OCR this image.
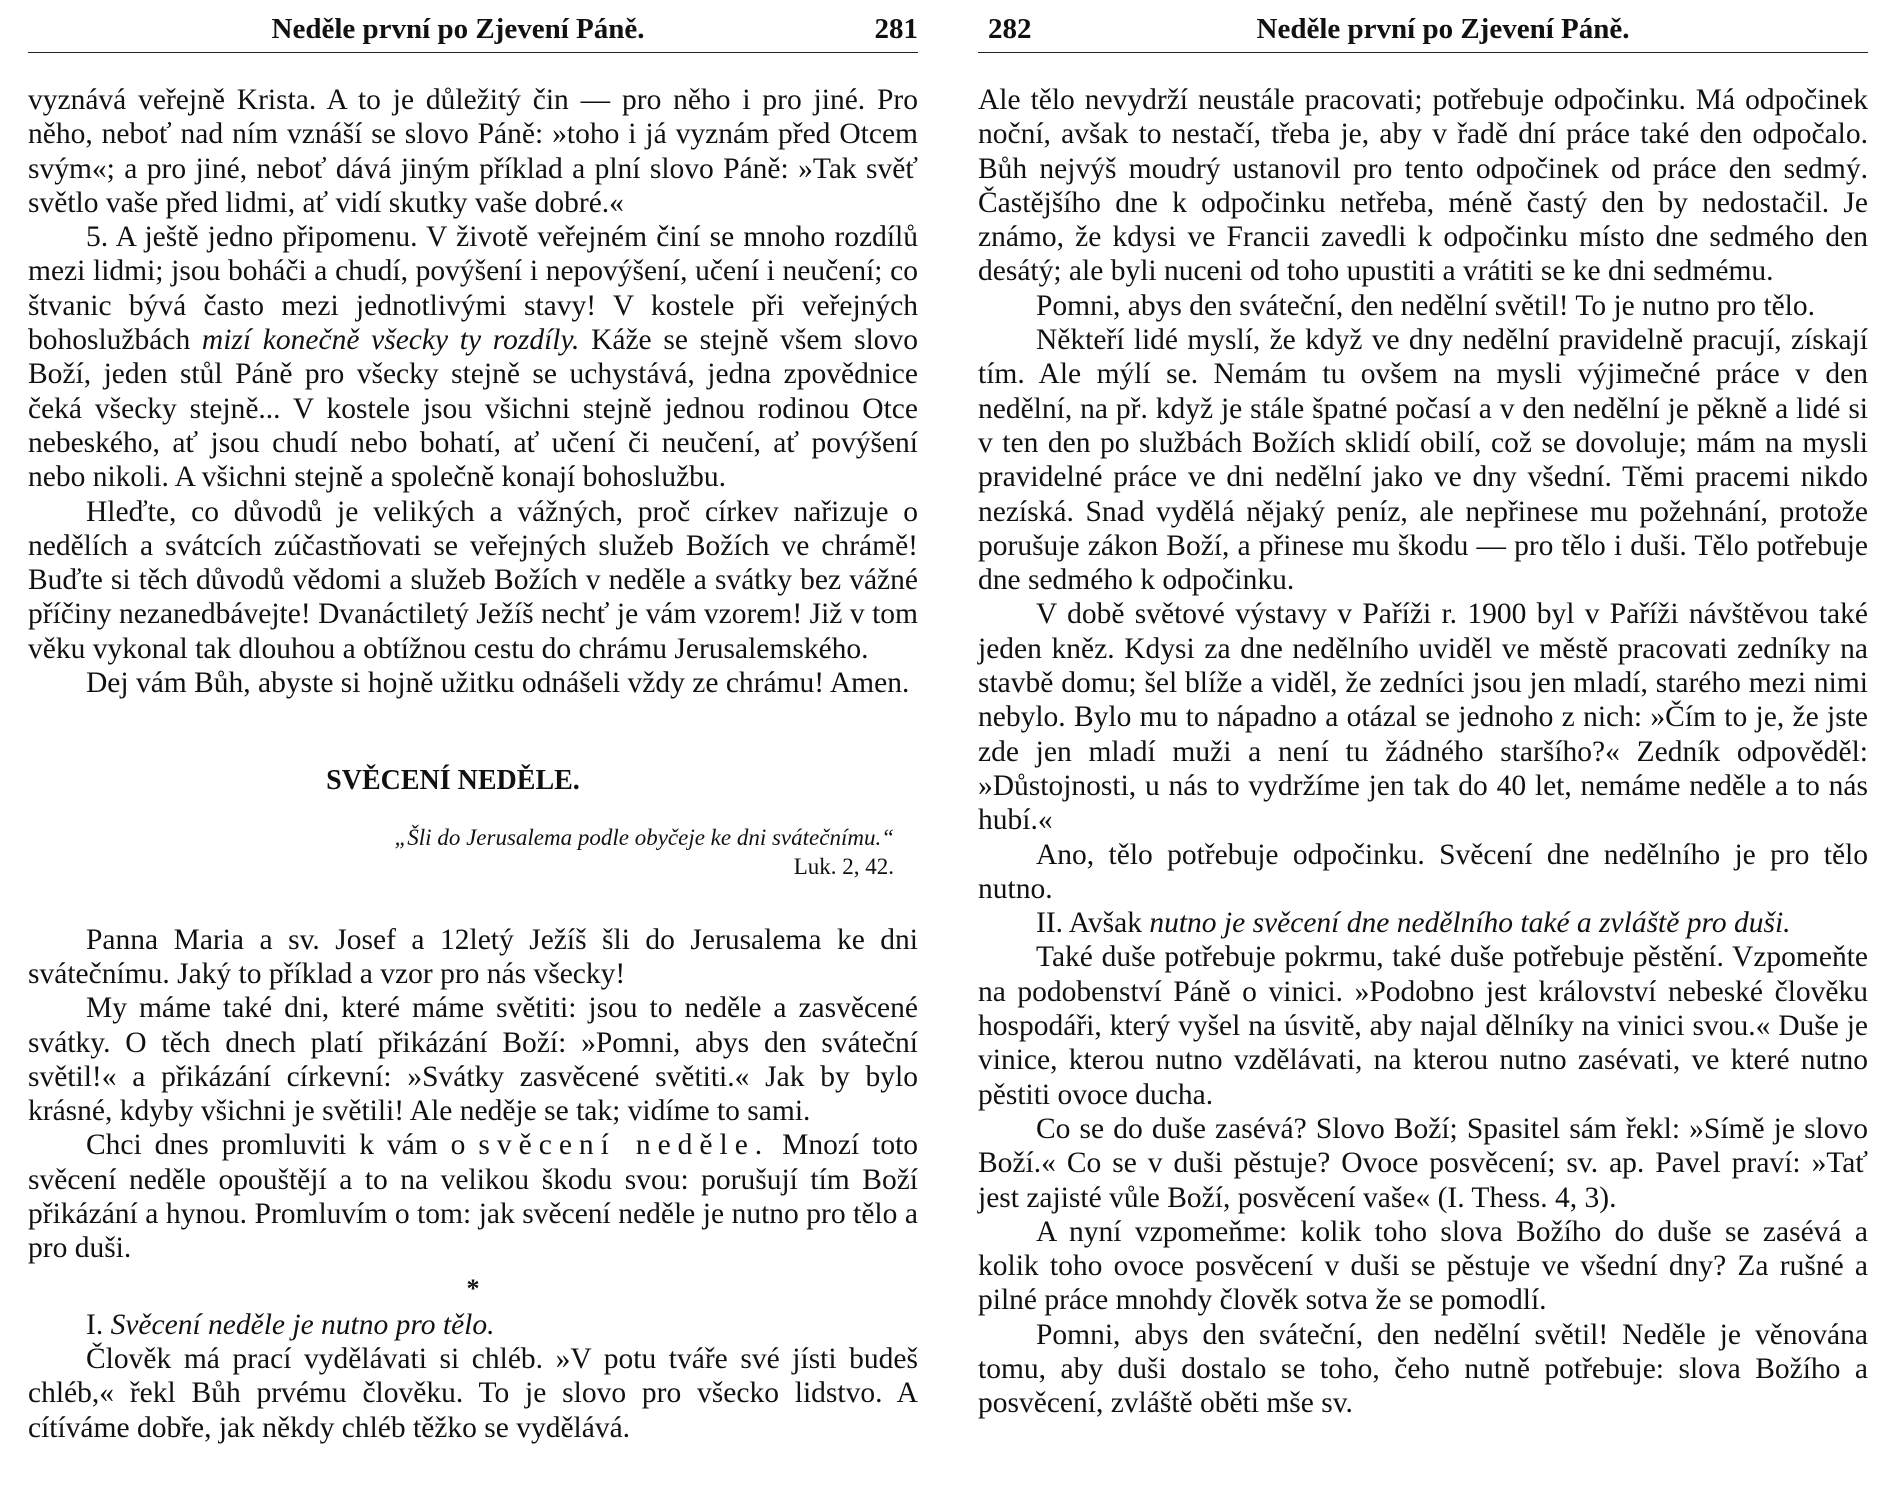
Neděle první po Zjevení Páně.	281

vyznává veřejně Krista. A to je důležitý čin — pro něho i pro jiné. Pro něho, neboť nad ním vznáší se slovo Páně: »toho i já vyznám před Otcem svým«; a pro jiné, neboť dává jiným příklad a plní slovo Páně: »Tak svěť světlo vaše před lidmi, ať vidí skutky vaše dobré.«

5. A ještě jedno připomenu. V životě veřejném činí se mnoho rozdílů mezi lidmi; jsou boháči a chudí, povýšení i nepovýšení, učení i neučení; co štvanic bývá často mezi jednotlivými stavy! V kostele při veřejných bohoslužbách mizí konečně všecky ty rozdíly. Káže se stejně všem slovo Boží, jeden stůl Páně pro všecky stejně se uchystává, jedna zpovědnice čeká všecky stejně... V kostele jsou všichni stejně jednou rodinou Otce nebeského, ať jsou chudí nebo bohatí, ať učení či neučení, ať povýšení nebo nikoli. A všichni stejně a společně konají bohoslužbu.

Hleďte, co důvodů je velikých a vážných, proč církev nařizuje o nedělích a svátcích zúčastňovati se veřejných služeb Božích ve chrámě! Buďte si těch důvodů vědomi a služeb Božích v neděle a svátky bez vážné příčiny nezanedbávejte! Dvanáctiletý Ježíš nechť je vám vzorem! Již v tom věku vykonal tak dlouhou a obtížnou cestu do chrámu Jerusalemského.

Dej vám Bůh, abyste si hojně užitku odnášeli vždy ze chrámu! Amen.

SVĚCENÍ NEDĚLE.
„Šli do Jerusalema podle obyčeje ke dni svátečnímu.“
Luk. 2, 42.

Panna Maria a sv. Josef a 12letý Ježíš šli do Jerusalema ke dni svátečnímu. Jaký to příklad a vzor pro nás všecky!

My máme také dni, které máme světiti: jsou to neděle a zasvěcené svátky. O těch dnech platí přikázání Boží: »Pomni, abys den sváteční světil!« a přikázání církevní: »Svátky zasvěcené světiti.« Jak by bylo krásné, kdyby všichni je světili! Ale neděje se tak; vidíme to sami.

Chci dnes promluviti k vám o svěcení neděle. Mnozí toto svěcení neděle opouštějí a to na velikou škodu svou: porušují tím Boží přikázání a hynou. Promluvím o tom: jak svěcení neděle je nutno pro tělo a pro duši.

*

I. Svěcení neděle je nutno pro tělo.

Člověk má prací vydělávati si chléb. »V potu tváře své jísti budeš chléb,« řekl Bůh prvému člověku. To je slovo pro všecko lidstvo. A cítíváme dobře, jak někdy chléb těžko se vydělává.

282	Neděle první po Zjevení Páně.

Ale tělo nevydrží neustále pracovati; potřebuje odpočinku. Má odpočinek noční, avšak to nestačí, třeba je, aby v řadě dní práce také den odpočalo. Bůh nejvýš moudrý ustanovil pro tento odpočinek od práce den sedmý. Častějšího dne k odpočinku netřeba, méně častý den by nedostačil. Je známo, že kdysi ve Francii zavedli k odpočinku místo dne sedmého den desátý; ale byli nuceni od toho upustiti a vrátiti se ke dni sedmému.

Pomni, abys den sváteční, den nedělní světil! To je nutno pro tělo.

Někteří lidé myslí, že když ve dny nedělní pravidelně pracují, získají tím. Ale mýlí se. Nemám tu ovšem na mysli výjimečné práce v den nedělní, na př. když je stále špatné počasí a v den nedělní je pěkně a lidé si v ten den po službách Božích sklidí obilí, což se dovoluje; mám na mysli pravidelné práce ve dni nedělní jako ve dny všední. Těmi pracemi nikdo nezíská. Snad vydělá nějaký peníz, ale nepřinese mu požehnání, protože porušuje zákon Boží, a přinese mu škodu — pro tělo i duši. Tělo potřebuje dne sedmého k odpočinku.

V době světové výstavy v Paříži r. 1900 byl v Paříži návštěvou také jeden kněz. Kdysi za dne nedělního uviděl ve městě pracovati zedníky na stavbě domu; šel blíže a viděl, že zedníci jsou jen mladí, starého mezi nimi nebylo. Bylo mu to nápadno a otázal se jednoho z nich: »Čím to je, že jste zde jen mladí muži a není tu žádného staršího?« Zedník odpověděl: »Důstojnosti, u nás to vydržíme jen tak do 40 let, nemáme neděle a to nás hubí.«

Ano, tělo potřebuje odpočinku. Svěcení dne nedělního je pro tělo nutno.

II. Avšak nutno je svěcení dne nedělního také a zvláště pro duši.

Také duše potřebuje pokrmu, také duše potřebuje pěstění. Vzpomeňte na podobenství Páně o vinici. »Podobno jest království nebeské člověku hospodáři, který vyšel na úsvitě, aby najal dělníky na vinici svou.« Duše je vinice, kterou nutno vzdělávati, na kterou nutno zasévati, ve které nutno pěstiti ovoce ducha.

Co se do duše zasévá? Slovo Boží; Spasitel sám řekl: »Símě je slovo Boží.« Co se v duši pěstuje? Ovoce posvěcení; sv. ap. Pavel praví: »Tať jest zajisté vůle Boží, posvěcení vaše« (I. Thess. 4, 3).

A nyní vzpomeňme: kolik toho slova Božího do duše se zasévá a kolik toho ovoce posvěcení v duši se pěstuje ve všední dny? Za rušné a pilné práce mnohdy člověk sotva že se pomodlí.

Pomni, abys den sváteční, den nedělní světil! Neděle je věnována tomu, aby duši dostalo se toho, čeho nutně potřebuje: slova Božího a posvěcení, zvláště oběti mše sv.
